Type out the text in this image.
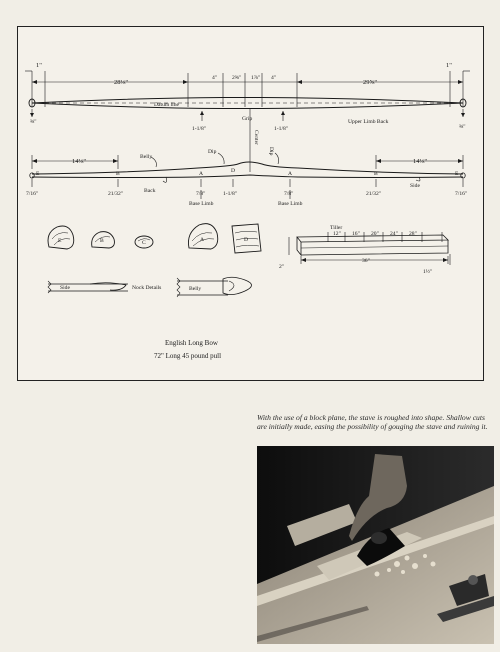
1"	1"
28⅛"
4"	2⅝" 1⅞" 4"
29⅝"
Datum line
⅜"
⅜"
1-1/8"	1-1/8"
Grip
Center
Upper Limb Back
14⅛"	14⅛"
Belly
Dip	Dip
Back
Side
E	B	A	D	A	B	E
7/16"	21/32"	7/8"	1-1/8"	7/8"	21/32"	7/16"
Base Limb	Base Limb
E	B	C	A	D
Tiller
12" 16" 20" 24" 28"
36"
2"
1½"
Side	Nock Details	Belly
English Long Bow
72" Long 45 pound pull

With the use of a block plane, the stave is roughed into shape. Shallow cuts are initially made, easing the possibility of gouging the stave and ruining it.
